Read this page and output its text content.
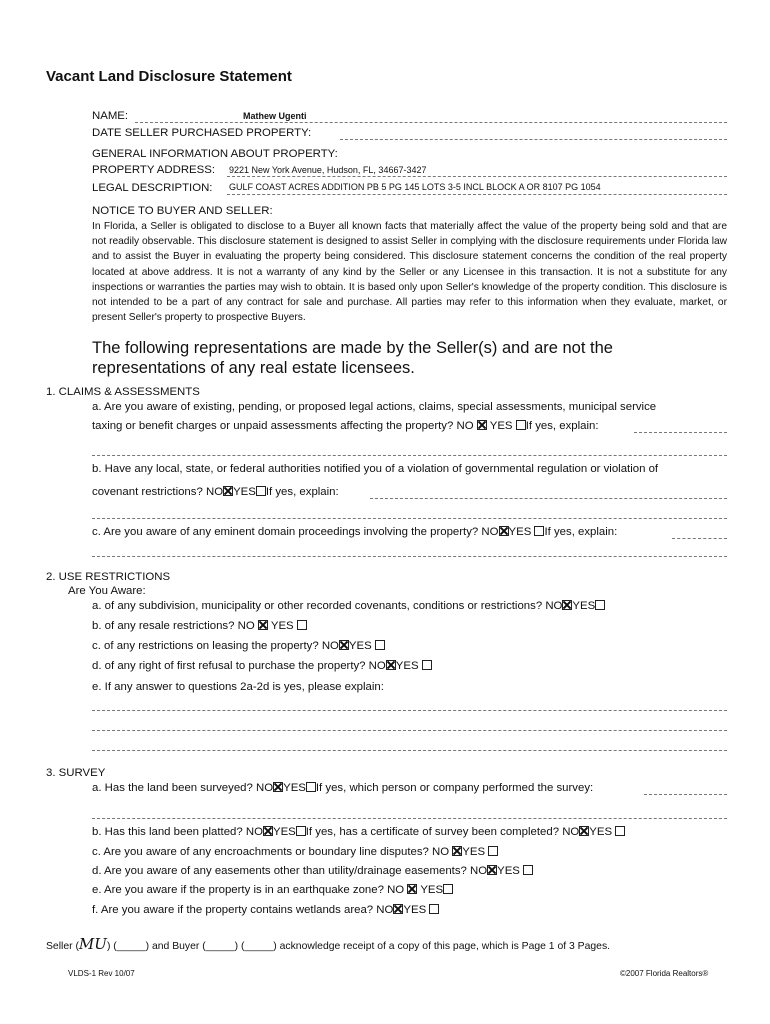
Vacant Land Disclosure Statement
NAME:	Mathew Ugenti
DATE SELLER PURCHASED PROPERTY:
GENERAL INFORMATION ABOUT PROPERTY:
PROPERTY ADDRESS: 9221 New York Avenue, Hudson, FL, 34667-3427
LEGAL DESCRIPTION: GULF COAST ACRES ADDITION PB 5 PG 145 LOTS 3-5 INCL BLOCK A OR 8107 PG 1054
NOTICE TO BUYER AND SELLER:
In Florida, a Seller is obligated to disclose to a Buyer all known facts that materially affect the value of the property being sold and that are not readily observable. This disclosure statement is designed to assist Seller in complying with the disclosure requirements under Florida law and to assist the Buyer in evaluating the property being considered. This disclosure statement concerns the condition of the real property located at above address. It is not a warranty of any kind by the Seller or any Licensee in this transaction. It is not a substitute for any inspections or warranties the parties may wish to obtain. It is based only upon Seller's knowledge of the property condition. This disclosure is not intended to be a part of any contract for sale and purchase. All parties may refer to this information when they evaluate, market, or present Seller's property to prospective Buyers.
The following representations are made by the Seller(s) and are not the representations of any real estate licensees.
1. CLAIMS & ASSESSMENTS
a. Are you aware of existing, pending, or proposed legal actions, claims, special assessments, municipal service
taxing or benefit charges or unpaid assessments affecting the property? NO YES If yes, explain:
b. Have any local, state, or federal authorities notified you of a violation of governmental regulation or violation of
covenant restrictions? NO YES If yes, explain:
c. Are you aware of any eminent domain proceedings involving the property? NO YES If yes, explain:
2. USE RESTRICTIONS
Are You Aware:
a. of any subdivision, municipality or other recorded covenants, conditions or restrictions? NO YES
b. of any resale restrictions? NO YES
c. of any restrictions on leasing the property? NO YES
d. of any right of first refusal to purchase the property? NO YES
e. If any answer to questions 2a-2d is yes, please explain:
3. SURVEY
a. Has the land been surveyed? NO YES If yes, which person or company performed the survey:
b. Has this land been platted? NO YES If yes, has a certificate of survey been completed? NO YES
c. Are you aware of any encroachments or boundary line disputes? NO YES
d. Are you aware of any easements other than utility/drainage easements? NO YES
e. Are you aware if the property is in an earthquake zone? NO YES
f. Are you aware if the property contains wetlands area? NO YES
Seller (MU) (_____) and Buyer (_____) (_____) acknowledge receipt of a copy of this page, which is Page 1 of 3 Pages.
VLDS-1 Rev 10/07	©2007 Florida Realtors®
